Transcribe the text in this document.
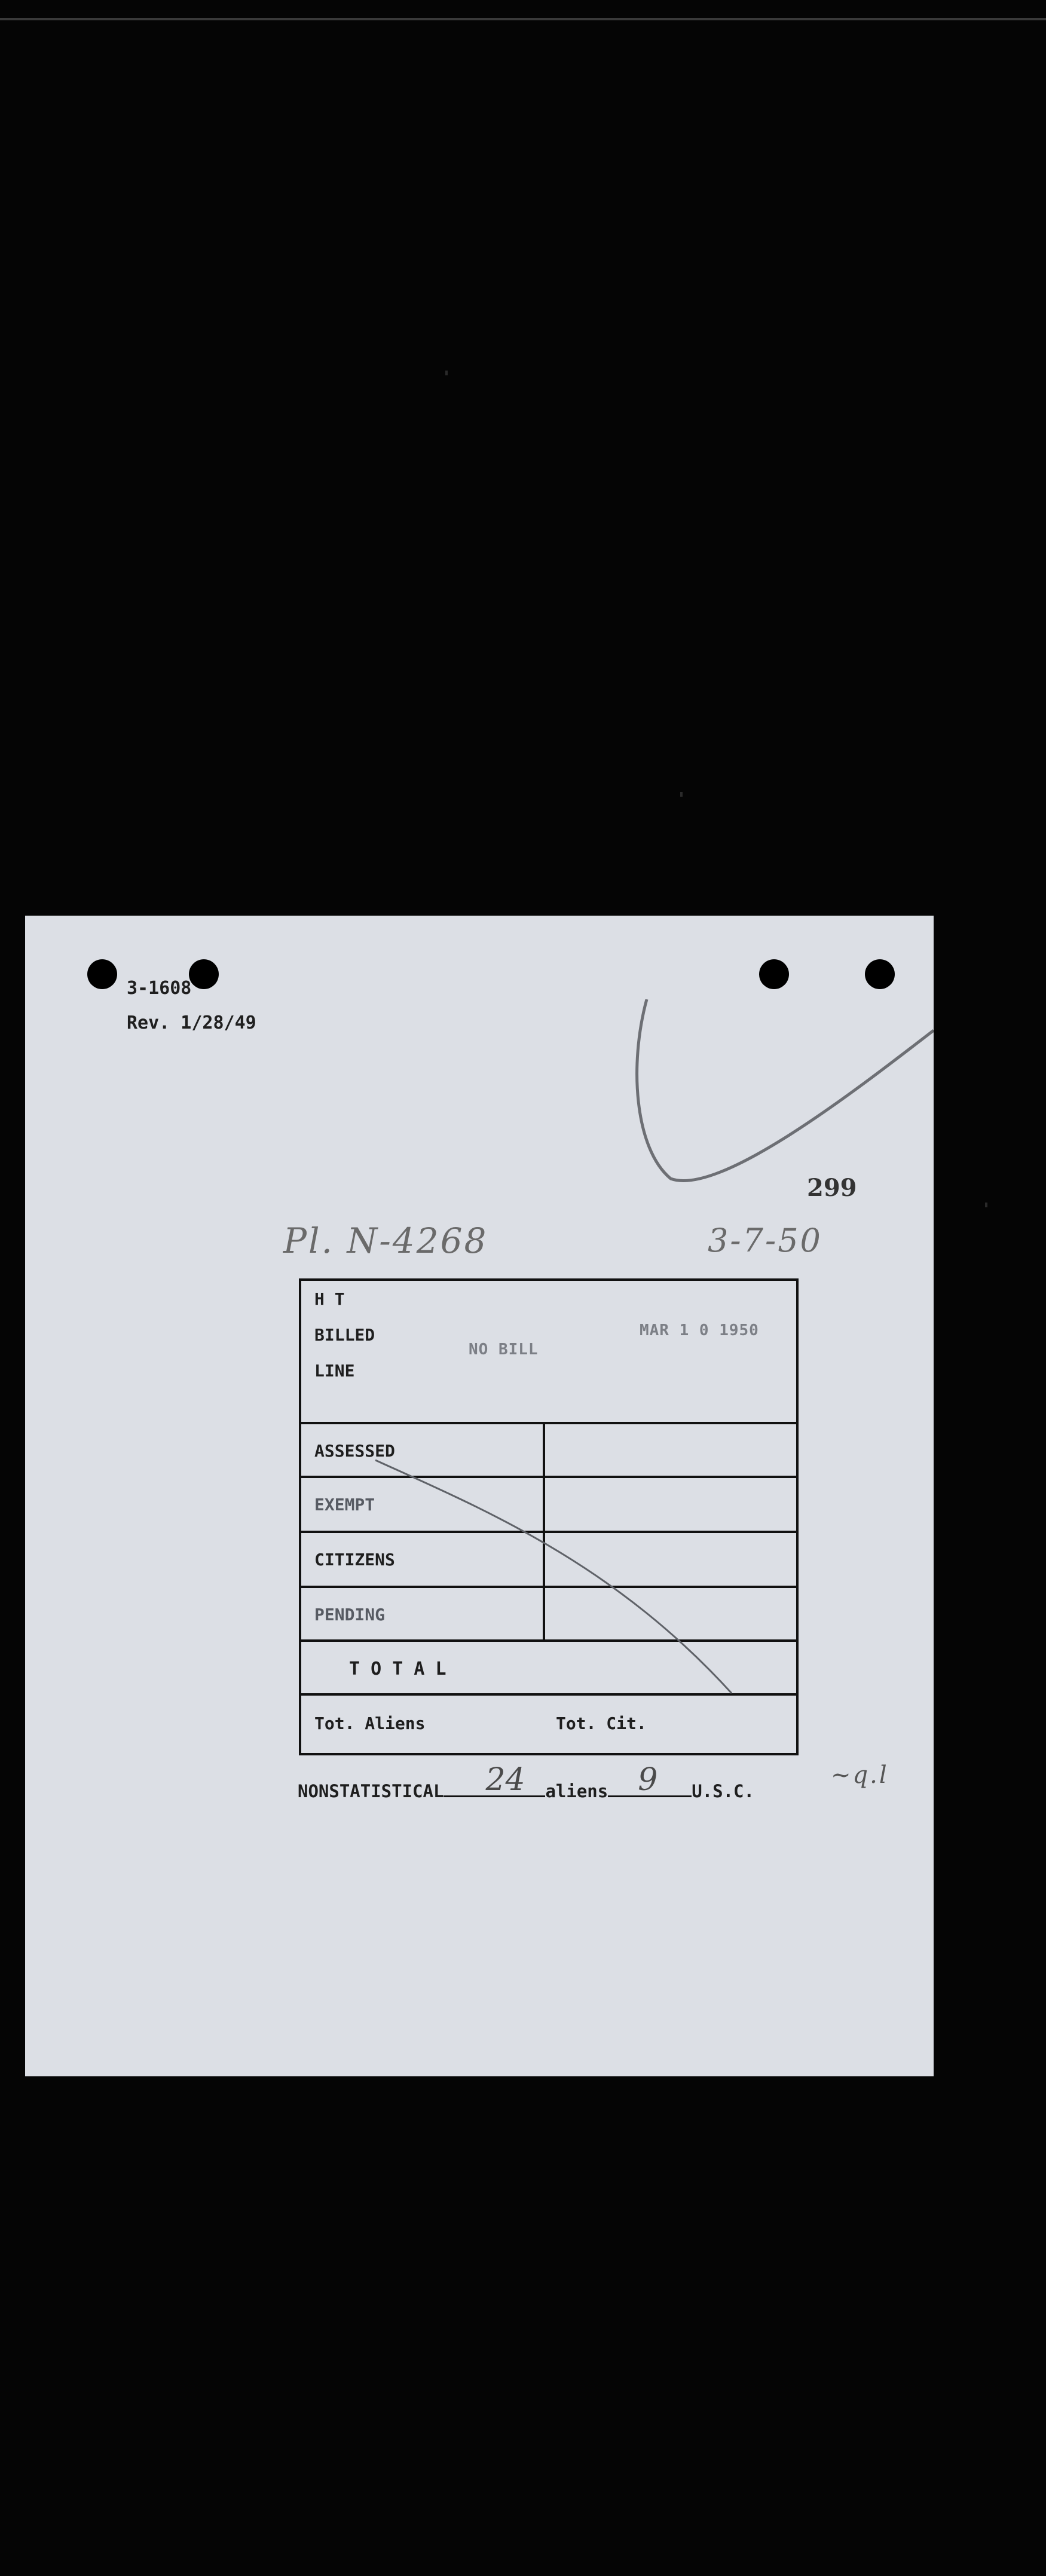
3-1608
Rev. 1/28/49
299
Pl. N-4268	3-7-50
H T
BILLED
LINE
NO BILL
MAR 1 0 1950
ASSESSED
EXEMPT
CITIZENS
PENDING
T O T A L
Tot. Aliens	Tot. Cit.
NONSTATISTICAL 24 aliens 9 U.S.C.
~q.l
